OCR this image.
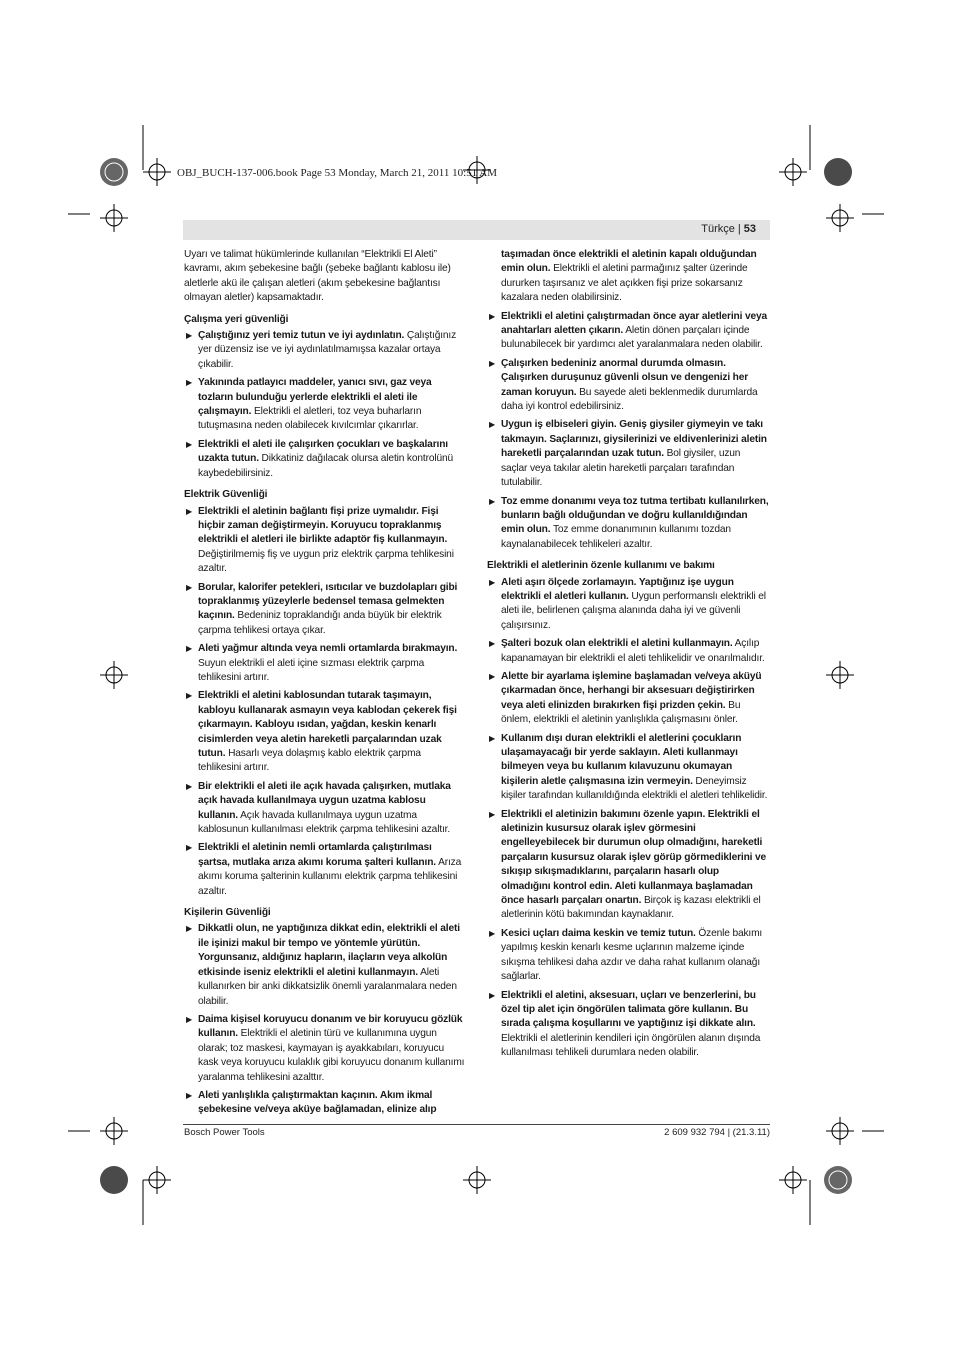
OBJ_BUCH-137-006.book Page 53 Monday, March 21, 2011 10:51 AM
Türkçe | 53

Uyarı ve talimat hükümlerinde kullanılan “Elektrikli El Aleti” kavramı, akım şebekesine bağlı (şebeke bağlantı kablosu ile) aletlerle akü ile çalışan aletleri (akım şebekesine bağlantısı olmayan aletler) kapsamaktadır.

Çalışma yeri güvenliği
▶ Çalıştığınız yeri temiz tutun ve iyi aydınlatın. Çalıştığınız yer düzensiz ise ve iyi aydınlatılmamışsa kazalar ortaya çıkabilir.
▶ Yakınında patlayıcı maddeler, yanıcı sıvı, gaz veya tozların bulunduğu yerlerde elektrikli el aleti ile çalışmayın. Elektrikli el aletleri, toz veya buharların tutuşmasına neden olabilecek kıvılcımlar çıkarırlar.
▶ Elektrikli el aleti ile çalışırken çocukları ve başkalarını uzakta tutun. Dikkatiniz dağılacak olursa aletin kontrolünü kaybedebilirsiniz.
Elektrik Güvenliği
▶ Elektrikli el aletinin bağlantı fişi prize uymalıdır. Fişi hiçbir zaman değiştirmeyin. Koruyucu topraklanmış elektrikli el aletleri ile birlikte adaptör fiş kullanmayın. Değiştirilmemiş fiş ve uygun priz elektrik çarpma tehlikesini azaltır.
▶ Borular, kalorifer petekleri, ısıtıcılar ve buzdolapları gibi topraklanmış yüzeylerle bedensel temasa gelmekten kaçının. Bedeniniz topraklandığı anda büyük bir elektrik çarpma tehlikesi ortaya çıkar.
▶ Aleti yağmur altında veya nemli ortamlarda bırakmayın. Suyun elektrikli el aleti içine sızması elektrik çarpma tehlikesini artırır.
▶ Elektrikli el aletini kablosundan tutarak taşımayın, kabloyu kullanarak asmayın veya kablodan çekerek fişi çıkarmayın. Kabloyu ısıdan, yağdan, keskin kenarlı cisimlerden veya aletin hareketli parçalarından uzak tutun. Hasarlı veya dolaşmış kablo elektrik çarpma tehlikesini artırır.
▶ Bir elektrikli el aleti ile açık havada çalışırken, mutlaka açık havada kullanılmaya uygun uzatma kablosu kullanın. Açık havada kullanılmaya uygun uzatma kablosunun kullanılması elektrik çarpma tehlikesini azaltır.
▶ Elektrikli el aletinin nemli ortamlarda çalıştırılması şartsa, mutlaka arıza akımı koruma şalteri kullanın. Arıza akımı koruma şalterinin kullanımı elektrik çarpma tehlikesini azaltır.
Kişilerin Güvenliği
▶ Dikkatli olun, ne yaptığınıza dikkat edin, elektrikli el aleti ile işinizi makul bir tempo ve yöntemle yürütün. Yorgunsanız, aldığınız hapların, ilaçların veya alkolün etkisinde iseniz elektrikli el aletini kullanmayın. Aleti kullanırken bir anki dikkatsizlik önemli yaralanmalara neden olabilir.
▶ Daima kişisel koruyucu donanım ve bir koruyucu gözlük kullanın. Elektrikli el aletinin türü ve kullanımına uygun olarak; toz maskesi, kaymayan iş ayakkabıları, koruyucu kask veya koruyucu kulaklık gibi koruyucu donanım kullanımı yaralanma tehlikesini azalttır.
▶ Aleti yanlışlıkla çalıştırmaktan kaçının. Akım ikmal şebekesine ve/veya aküye bağlamadan, elinize alıp
taşımadan önce elektrikli el aletinin kapalı olduğundan emin olun. Elektrikli el aletini parmağınız şalter üzerinde dururken taşırsanız ve alet açıkken fişi prize sokarsanız kazalara neden olabilirsiniz.
▶ Elektrikli el aletini çalıştırmadan önce ayar aletlerini veya anahtarları aletten çıkarın. Aletin dönen parçaları içinde bulunabilecek bir yardımcı alet yaralanmalara neden olabilir.
▶ Çalışırken bedeniniz anormal durumda olmasın. Çalışırken duruşunuz güvenli olsun ve dengenizi her zaman koruyun. Bu sayede aleti beklenmedik durumlarda daha iyi kontrol edebilirsiniz.
▶ Uygun iş elbiseleri giyin. Geniş giysiler giymeyin ve takı takmayın. Saçlarınızı, giysilerinizi ve eldivenlerinizi aletin hareketli parçalarından uzak tutun. Bol giysiler, uzun saçlar veya takılar aletin hareketli parçaları tarafından tutulabilir.
▶ Toz emme donanımı veya toz tutma tertibatı kullanılırken, bunların bağlı olduğundan ve doğru kullanıldığından emin olun. Toz emme donanımının kullanımı tozdan kaynalanabilecek tehlikeleri azaltır.
Elektrikli el aletlerinin özenle kullanımı ve bakımı
▶ Aleti aşırı ölçede zorlamayın. Yaptığınız işe uygun elektrikli el aletleri kullanın. Uygun performanslı elektrikli el aleti ile, belirlenen çalışma alanında daha iyi ve güvenli çalışırsınız.
▶ Şalteri bozuk olan elektrikli el aletini kullanmayın. Açılıp kapanamayan bir elektrikli el aleti tehlikelidir ve onarılmalıdır.
▶ Alette bir ayarlama işlemine başlamadan ve/veya aküyü çıkarmadan önce, herhangi bir aksesuarı değiştirirken veya aleti elinizden bırakırken fişi prizden çekin. Bu önlem, elektrikli el aletinin yanlışlıkla çalışmasını önler.
▶ Kullanım dışı duran elektrikli el aletlerini çocukların ulaşamayacağı bir yerde saklayın. Aleti kullanmayı bilmeyen veya bu kullanım kılavuzunu okumayan kişilerin aletle çalışmasına izin vermeyin. Deneyimsiz kişiler tarafından kullanıldığında elektrikli el aletleri tehlikelidir.
▶ Elektrikli el aletinizin bakımını özenle yapın. Elektrikli el aletinizin kusursuz olarak işlev görmesini engelleyebilecek bir durumun olup olmadığını, hareketli parçaların kusursuz olarak işlev görüp görmediklerini ve sıkışıp sıkışmadıklarını, parçaların hasarlı olup olmadığını kontrol edin. Aleti kullanmaya başlamadan önce hasarlı parçaları onartın. Birçok iş kazası elektrikli el aletlerinin kötü bakımından kaynaklanır.
▶ Kesici uçları daima keskin ve temiz tutun. Özenle bakımı yapılmış keskin kenarlı kesme uçlarının malzeme içinde sıkışma tehlikesi daha azdır ve daha rahat kullanım olanağı sağlarlar.
▶ Elektrikli el aletini, aksesuarı, uçları ve benzerlerini, bu özel tip alet için öngörülen talimata göre kullanın. Bu sırada çalışma koşullarını ve yaptığınız işi dikkate alın. Elektrikli el aletlerinin kendileri için öngörülen alanın dışında kullanılması tehlikeli durumlara neden olabilir.
Bosch Power Tools	2 609 932 794 | (21.3.11)
